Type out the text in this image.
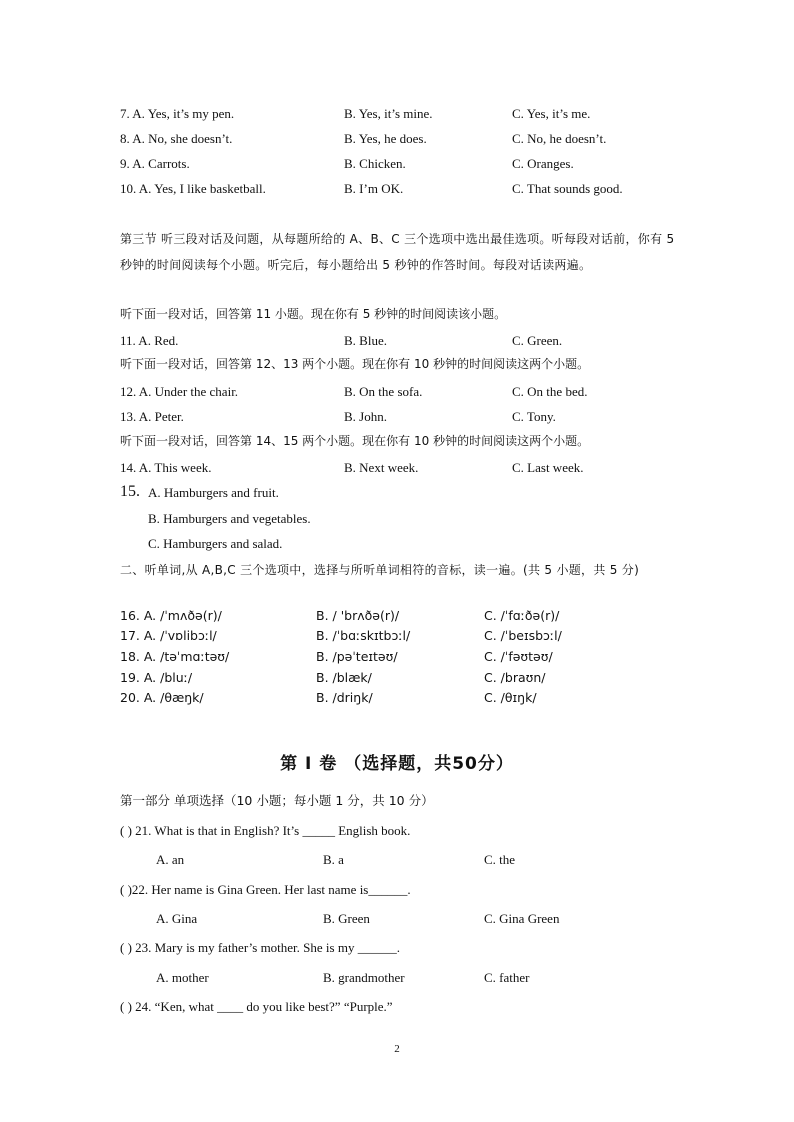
7. A. Yes, it’s my pen.	B. Yes, it’s mine.	C. Yes, it’s me.
8. A. No, she doesn’t.	B. Yes, he does.	C. No, he doesn’t.
9. A. Carrots.	B. Chicken.	C. Oranges.
10. A. Yes, I like basketball.	B. I’m OK.	C. That sounds good.
第三节 听三段对话及问题，从每题所给的 A、B、C 三个选项中选出最佳选项。听每段对话前，你有 5 秒钟的时间阅读每个小题。听完后，每小题给出 5 秒钟的作答时间。每段对话读两遍。
听下面一段对话，回答第 11 小题。现在你有 5 秒钟的时间阅读该小题。
11. A. Red.	B. Blue.	C. Green.
听下面一段对话，回答第 12、13 两个小题。现在你有 10 秒钟的时间阅读这两个小题。
12. A. Under the chair.	B. On the sofa.	C. On the bed.
13. A. Peter.	B. John.	C. Tony.
听下面一段对话，回答第 14、15 两个小题。现在你有 10 秒钟的时间阅读这两个小题。
14. A. This week.	B. Next week.	C. Last week.
15. A. Hamburgers and fruit.
B. Hamburgers and vegetables.
C. Hamburgers and salad.
二、听单词,从 A,B,C 三个选项中，选择与所听单词相符的音标，读一遍。(共 5 小题，共 5 分)
16. A. /ˈmʌðə(r)/	B. / 'brʌðə(r)/	C. /ˈfɑːðə(r)/
17. A. /ˈvɒlibɔːl/	B. /ˈbɑːskɪtbɔːl/	C. /ˈbeɪsbɔːl/
18. A. /təˈmɑːtəʊ/	B. /pəˈteɪtəʊ/	C. /ˈfəʊtəʊ/
19. A. /bluː/	B. /blæk/	C. /braʊn/
20. A. /θæŋk/	B. /driŋk/	C. /θɪŋk/
第 I 卷 （选择题，共50分）
第一部分 单项选择（10 小题；每小题 1 分，共 10 分）
( ) 21. What is that in English? It’s _____ English book.
A. an	B. a	C. the
( )22. Her name is Gina Green. Her last name is______.
A. Gina	B. Green	C. Gina Green
( ) 23. Mary is my father’s mother. She is my ______.
A. mother	B. grandmother	C. father
( ) 24. “Ken, what ____ do you like best?” “Purple.”
2
